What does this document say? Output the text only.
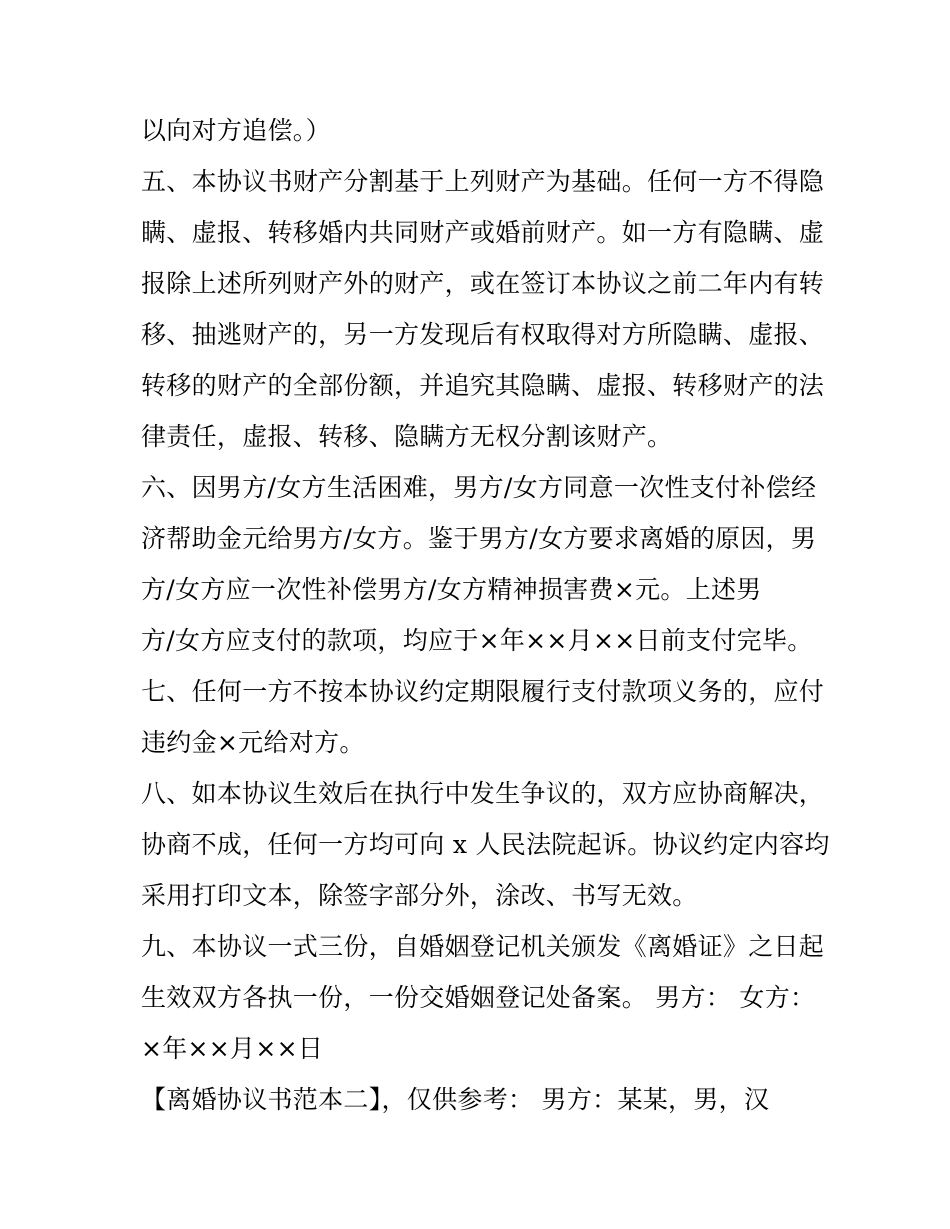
以向对方追偿。）
五、本协议书财产分割基于上列财产为基础。任何一方不得隐
瞒、虚报、转移婚内共同财产或婚前财产。如一方有隐瞒、虚
报除上述所列财产外的财产，或在签订本协议之前二年内有转
移、抽逃财产的，另一方发现后有权取得对方所隐瞒、虚报、
转移的财产的全部份额，并追究其隐瞒、虚报、转移财产的法
律责任，虚报、转移、隐瞒方无权分割该财产。
六、因男方/女方生活困难，男方/女方同意一次性支付补偿经
济帮助金元给男方/女方。鉴于男方/女方要求离婚的原因，男
方/女方应一次性补偿男方/女方精神损害费×元。上述男
方/女方应支付的款项，均应于×年××月××日前支付完毕。
七、任何一方不按本协议约定期限履行支付款项义务的，应付
违约金×元给对方。
八、如本协议生效后在执行中发生争议的，双方应协商解决，
协商不成，任何一方均可向 x 人民法院起诉。协议约定内容均
采用打印文本，除签字部分外，涂改、书写无效。
九、本协议一式三份，自婚姻登记机关颁发《离婚证》之日起
生效双方各执一份，一份交婚姻登记处备案。 男方： 女方：
×年××月××日
【离婚协议书范本二】，仅供参考： 男方：某某，男，汉
